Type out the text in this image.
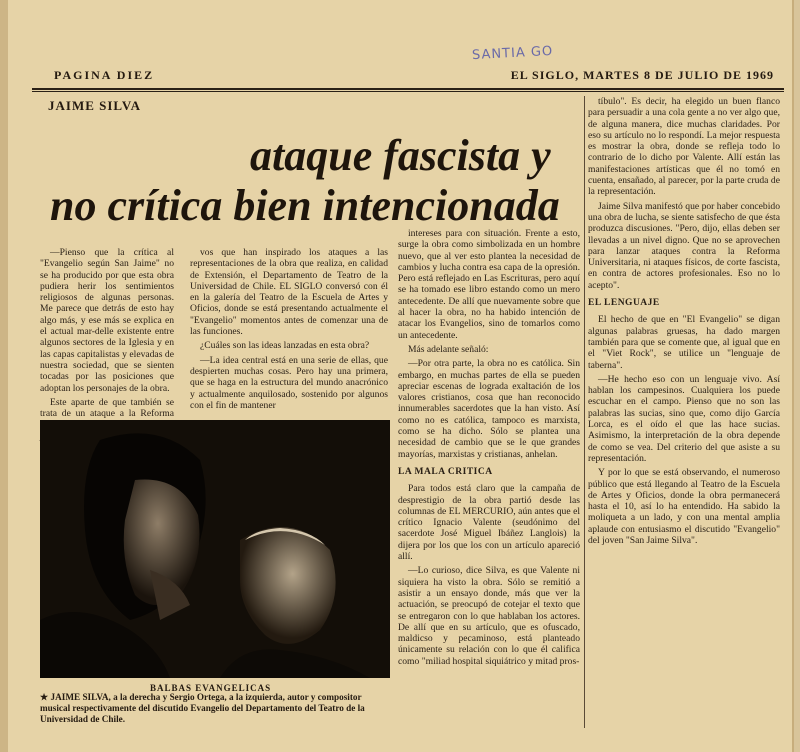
SANTIA GO
PAGINA DIEZ	EL SIGLO, MARTES 8 DE JULIO DE 1969
JAIME SILVA
ataque fascista y
no crítica bien intencionada

—Pienso que la crítica al "Evangelio según San Jaime" no se ha producido por que esta obra pudiera herir los sentimientos religiosos de algunas personas. Me parece que detrás de esto hay algo más, y ese más se explica en el actual mar-delle existente entre algunos sectores de la Iglesia y en las capas capitalistas y elevadas de nuestra sociedad, que se sienten tocadas por las posiciones que adoptan los personajes de la obra.

Este aparte de que también se trata de un ataque a la Reforma

vos que han inspirado los ataques a las representaciones de la obra que realiza, en calidad de Extensión, el Departamento de Teatro de la Universidad de Chile. EL SIGLO conversó con él en la galería del Teatro de la Escuela de Artes y Oficios, donde se está presentando actualmente el "Evangelio" momentos antes de comenzar una de las funciones.

¿Cuáles son las ideas lanzadas en esta obra?

—La idea central está en una serie de ellas, que despierten muchas cosas. Pero hay una primera, que se haga en la estructura del mundo anacrónico y actualmente anquilosado, sostenido por algunos con el fin de mantener

intereses para con situación. Frente a esto, surge la obra como simbolizada en un hombre nuevo, que al ver esto plantea la necesidad de cambios y lucha contra esa capa de la opresión. Pero está reflejado en Las Escrituras, pero aquí se ha tomado ese libro estando como un mero antecedente. De allí que nuevamente sobre que al hacer la obra, no ha habido intención de atacar los Evangelios, sino de tomarlos como un antecedente.

Más adelante señaló:

—Por otra parte, la obra no es católica. Sin embargo, en muchas partes de ella se pueden apreciar escenas de lograda exaltación de los valores cristianos, cosa que han reconocido innumerables sacerdotes que la han visto. Así como no es católica, tampoco es marxista, como se ha dicho. Sólo se plantea una necesidad de cambio que se le que grandes mayorías, marxistas y cristianas, anhelan.

LA MALA CRITICA

Para todos está claro que la campaña de desprestigio de la obra partió desde las columnas de EL MERCURIO, aún antes que el crítico Ignacio Valente (seudónimo del sacerdote José Miguel Ibáñez Langlois) la dijera por los que los con un artículo apareció allí.

—Lo curioso, dice Silva, es que Valente ni siquiera ha visto la obra. Sólo se remitió a asistir a un ensayo donde, más que ver la actuación, se preocupó de cotejar el texto que se entregaron con lo que hablaban los actores. De allí que en su artículo, que es ofuscado, maldicso y pecaminoso, está planteado únicamente su relación con lo que él califica como "miliad hospital siquiátrico y mitad pros-

tíbulo". Es decir, ha elegido un buen flanco para persuadir a una cola gente a no ver algo que, de alguna manera, dice muchas claridades. Por eso su artículo no lo respondí. La mejor respuesta es mostrar la obra, donde se refleja todo lo contrario de lo dicho por Valente. Allí están las manifestaciones artísticas que él no tomó en cuenta, ensañado, al parecer, por la parte cruda de la representación.

Jaime Silva manifestó que por haber concebido una obra de lucha, se siente satisfecho de que ésta produzca discusiones. "Pero, dijo, ellas deben ser llevadas a un nivel digno. Que no se aprovechen para lanzar ataques contra la Reforma Universitaria, ni ataques físicos, de corte fascista, en contra de actores profesionales. Eso no lo acepto".

EL LENGUAJE

El hecho de que en "El Evangelio" se digan algunas palabras gruesas, ha dado margen también para que se comente que, al igual que en el "Viet Rock", se utilice un "lenguaje de taberna".

—He hecho eso con un lenguaje vivo. Así hablan los campesinos. Cualquiera los puede escuchar en el campo. Pienso que no son las palabras las sucias, sino que, como dijo García Lorca, es el oído el que las hace sucias. Asimismo, la interpretación de la obra depende de como se vea. Del criterio del que asiste a su representación.

Y por lo que se está observando, el numeroso público que está llegando al Teatro de la Escuela de Artes y Oficios, donde la obra permanecerá hasta el 10, así lo ha entendido. Ha sabido la moliqueta a un lado, y con una mental amplia aplaude con entusiasmo el discutido "Evangelio" del joven "San Jaime Silva".

BALBAS EVANGELICAS
★ JAIME SILVA, a la derecha y Sergio Ortega, a la izquierda, autor y compositor musical respectivamente del discutido Evangelio del Departamento del Teatro de la Universidad de Chile.
